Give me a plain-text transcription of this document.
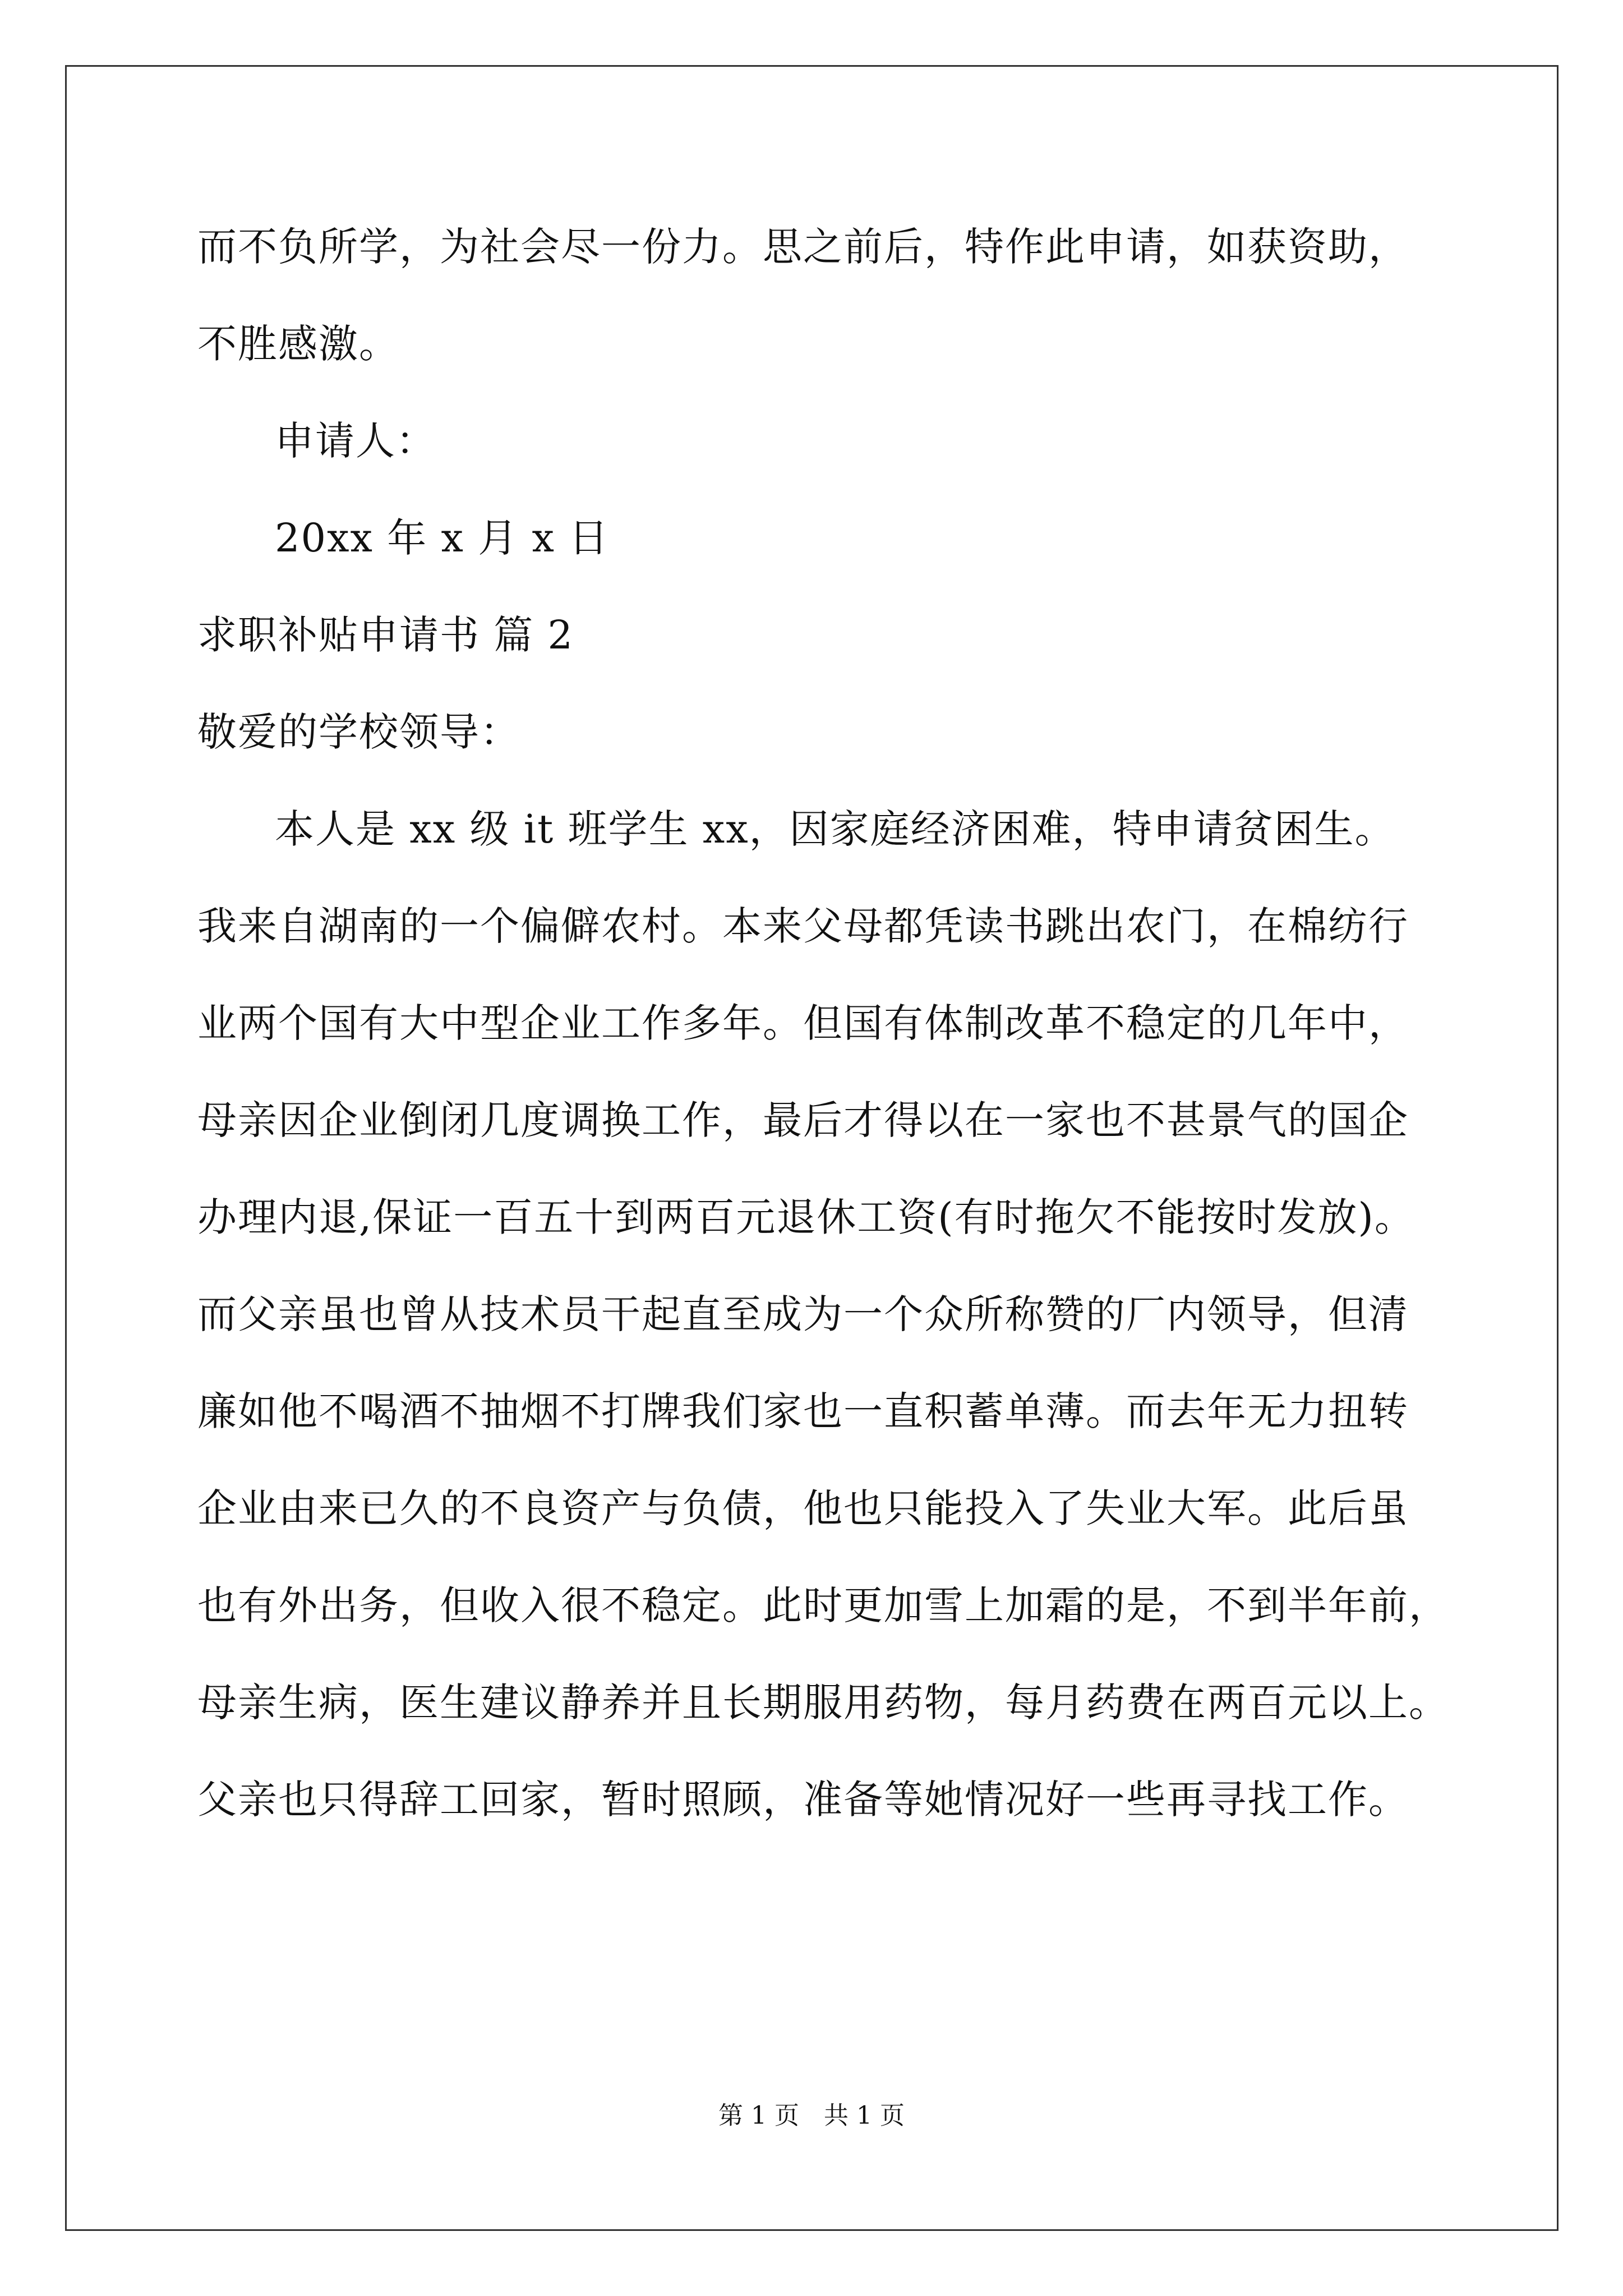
而不负所学，为社会尽一份力。思之前后，特作此申请，如获资助，
不胜感激。
申请人：
20xx 年 x 月 x 日
求职补贴申请书 篇 2
敬爱的学校领导：
本人是 xx 级 it 班学生 xx，因家庭经济困难，特申请贫困生。
我来自湖南的一个偏僻农村。本来父母都凭读书跳出农门，在棉纺行
业两个国有大中型企业工作多年。但国有体制改革不稳定的几年中，
母亲因企业倒闭几度调换工作，最后才得以在一家也不甚景气的国企
办理内退,保证一百五十到两百元退休工资(有时拖欠不能按时发放)。
而父亲虽也曾从技术员干起直至成为一个众所称赞的厂内领导，但清
廉如他不喝酒不抽烟不打牌我们家也一直积蓄单薄。而去年无力扭转
企业由来已久的不良资产与负债，他也只能投入了失业大军。此后虽
也有外出务，但收入很不稳定。此时更加雪上加霜的是，不到半年前，
母亲生病，医生建议静养并且长期服用药物，每月药费在两百元以上。
父亲也只得辞工回家，暂时照顾，准备等她情况好一些再寻找工作。
第 1 页　共 1 页
